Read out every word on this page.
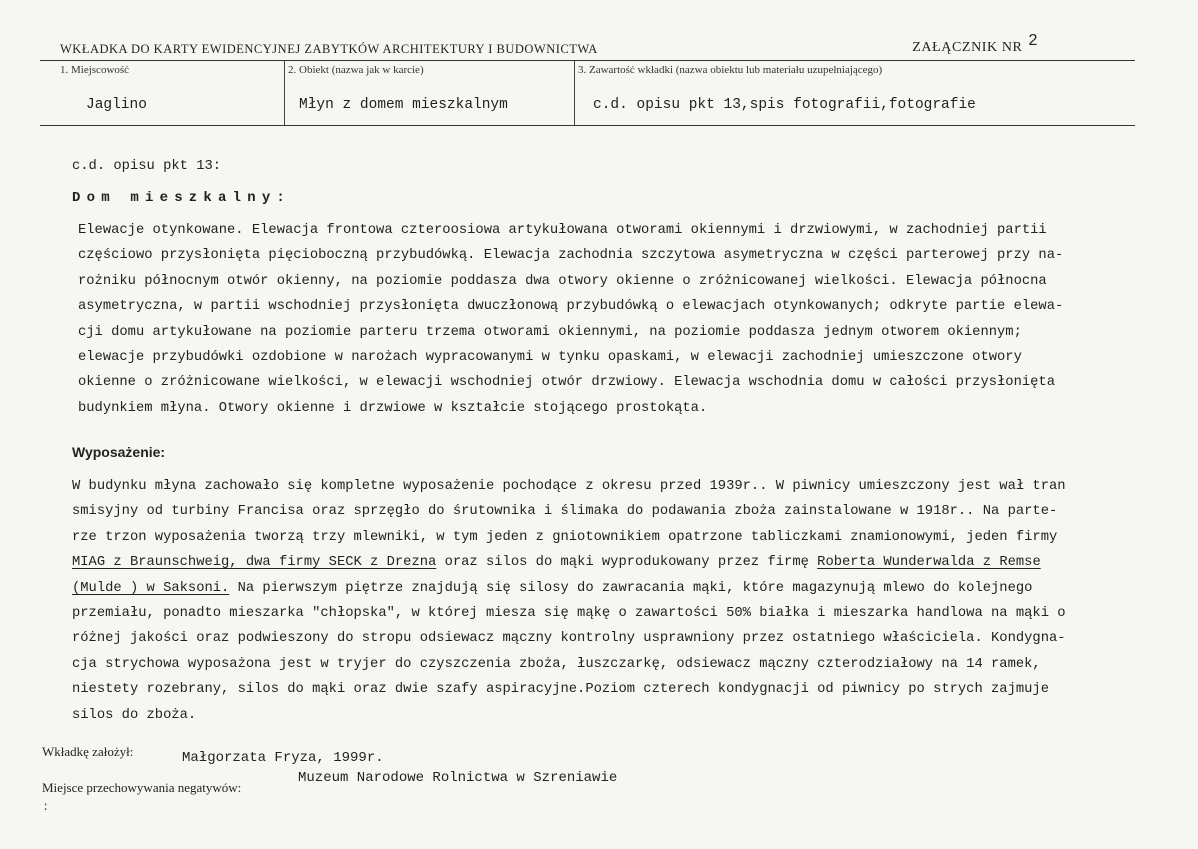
WKŁADKA DO KARTY EWIDENCYJNEJ ZABYTKÓW ARCHITEKTURY I BUDOWNICTWA	ZAŁĄCZNIK NR 2
1. Miejscowość
Jaglino
2. Obiekt (nazwa jak w karcie)
Młyn z domem mieszkalnym
3. Zawartość wkładki (nazwa obiektu lub materiału uzupełniającego)
c.d. opisu pkt 13,spis fotografii,fotografie
c.d. opisu pkt 13:
Dom mieszkalny:
Elewacje otynkowane. Elewacja frontowa czteroosiowa artykułowana otworami okiennymi i drzwiowymi, w zachodniej partii
częściowo przysłonięta pięcioboczną przybudówką. Elewacja zachodnia szczytowa asymetryczna w części parterowej przy na-
rożniku północnym otwór okienny, na poziomie poddasza dwa otwory okienne o zróżnicowanej wielkości. Elewacja północna
asymetryczna, w partii wschodniej przysłonięta dwuczłonową przybudówką o elewacjach otynkowanych; odkryte partie elewa-
cji domu artykułowane na poziomie parteru trzema otworami okiennymi, na poziomie poddasza jednym otworem okiennym;
elewacje przybudówki ozdobione w narożach wypracowanymi w tynku opaskami, w elewacji zachodniej umieszczone otwory
okienne o zróżnicowane wielkości, w elewacji wschodniej otwór drzwiowy. Elewacja wschodnia domu w całości przysłonięta
budynkiem młyna. Otwory okienne i drzwiowe w kształcie stojącego prostokąta.
Wyposażenie:
W budynku młyna zachowało się kompletne wyposażenie pochodące z okresu przed 1939r.. W piwnicy umieszczony jest wał tran
smisyjny od turbiny Francisa oraz sprzęgło do śrutownika i ślimaka do podawania zboża zainstalowane w 1918r.. Na parte-
rze trzon wyposażenia tworzą trzy mlewniki, w tym jeden z gniotownikiem opatrzone tabliczkami znamionowymi, jeden firmy
MIAG z Braunschweig, dwa firmy SECK z Drezna oraz silos do mąki wyprodukowany przez firmę Roberta Wunderwalda z Remse
(Mulde ) w Saksoni. Na pierwszym piętrze znajdują się silosy do zawracania mąki, które magazynują mlewo do kolejnego
przemiału, ponadto mieszarka "chłopska", w której miesza się mąkę o zawartości 50% białka i mieszarka handlowa na mąki o
różnej jakości oraz podwieszony do stropu odsiewacz mączny kontrolny usprawniony przez ostatniego właściciela. Kondygna-
cja strychowa wyposażona jest w tryjer do czyszczenia zboża, łuszczarkę, odsiewacz mączny czterodziałowy na 14 ramek,
niestety rozebrany, silos do mąki oraz dwie szafy aspiracyjne.Poziom czterech kondygnacji od piwnicy po strych zajmuje
silos do zboża.
Wkładkę założył:	Małgorzata Fryza, 1999r.
Miejsce przechowywania negatywów:
Muzeum Narodowe Rolnictwa w Szreniawie
:
